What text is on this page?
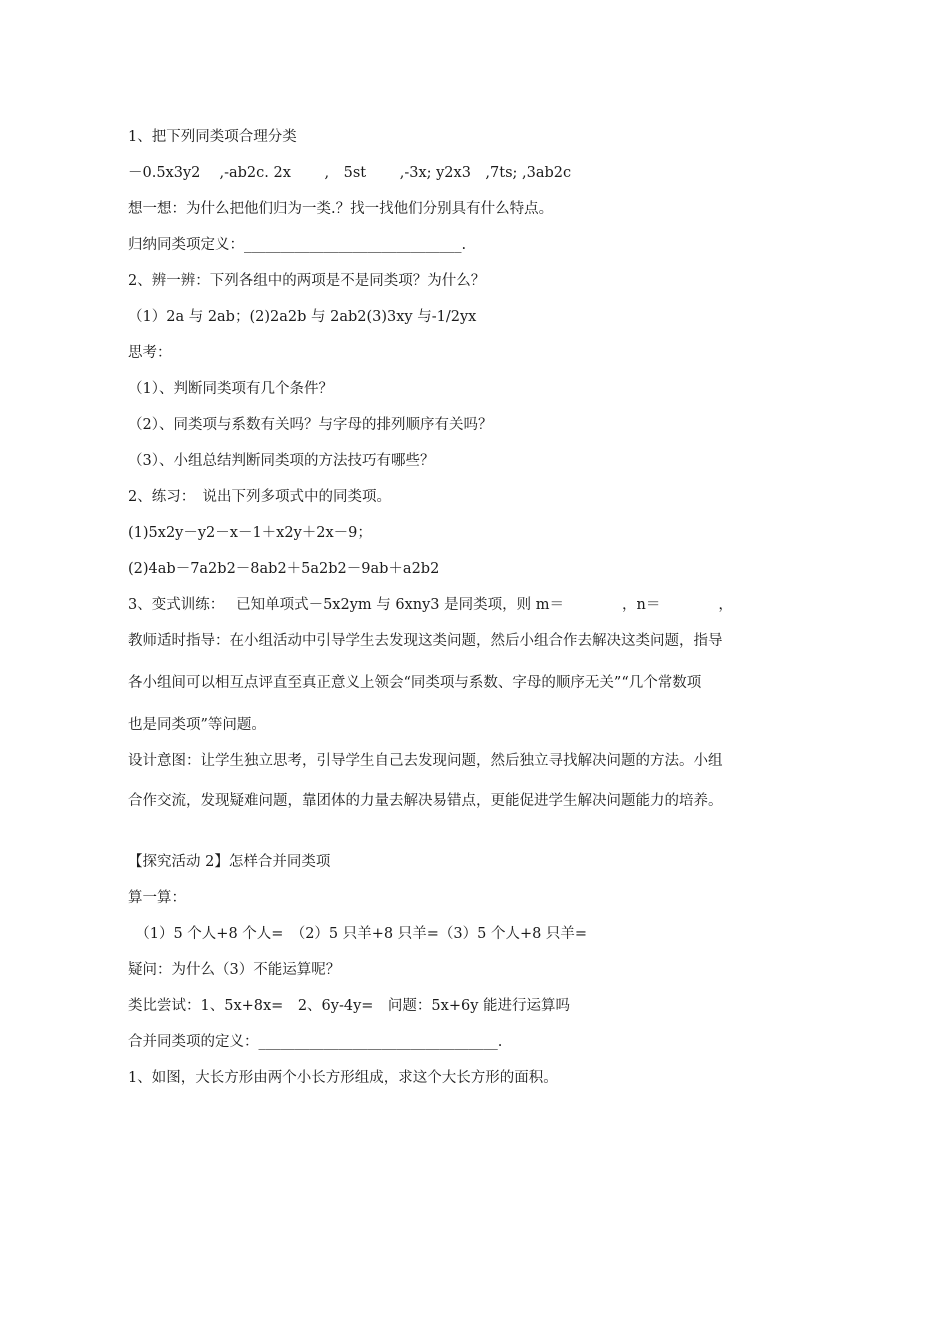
1、把下列同类项合理分类
－0.5x3y2　 ,-ab2c. 2x　　 ,　5st　　 ,-3x; y2x3　,7ts; ,3ab2c
想一想：为什么把他们归为一类.？找一找他们分别具有什么特点。
归纳同类项定义：______________________________.
2、辨一辨：下列各组中的两项是不是同类项？为什么？
（1）2a 与 2ab；(2)2a2b 与 2ab2(3)3xy 与-1/2yx
思考：
（1）、判断同类项有几个条件？
（2）、同类项与系数有关吗？与字母的排列顺序有关吗？
（3）、小组总结判断同类项的方法技巧有哪些？
2、练习：　说出下列多项式中的同类项。
(1)5x2y－y2－x－1＋x2y＋2x－9；
(2)4ab－7a2b2－8ab2＋5a2b2－9ab＋a2b2
3、变式训练：　 已知单项式－5x2ym 与 6xny3 是同类项，则 m＝　　　　，n＝　　　　，
教师适时指导：在小组活动中引导学生去发现这类问题，然后小组合作去解决这类问题，指导
各小组间可以相互点评直至真正意义上领会“同类项与系数、字母的顺序无关”“几个常数项
也是同类项”等问题。
设计意图：让学生独立思考，引导学生自己去发现问题，然后独立寻找解决问题的方法。小组
合作交流，发现疑难问题，靠团体的力量去解决易错点，更能促进学生解决问题能力的培养。
【探究活动 2】怎样合并同类项
算一算：
　（1）5 个人+8 个人=　（2）5 只羊+8 只羊=（3）5 个人+8 只羊=
疑问：为什么（3）不能运算呢？
类比尝试：1、5x+8x=　2、6y-4y=　问题：5x+6y 能进行运算吗
合并同类项的定义：_________________________________.
1、如图，大长方形由两个小长方形组成，求这个大长方形的面积。
